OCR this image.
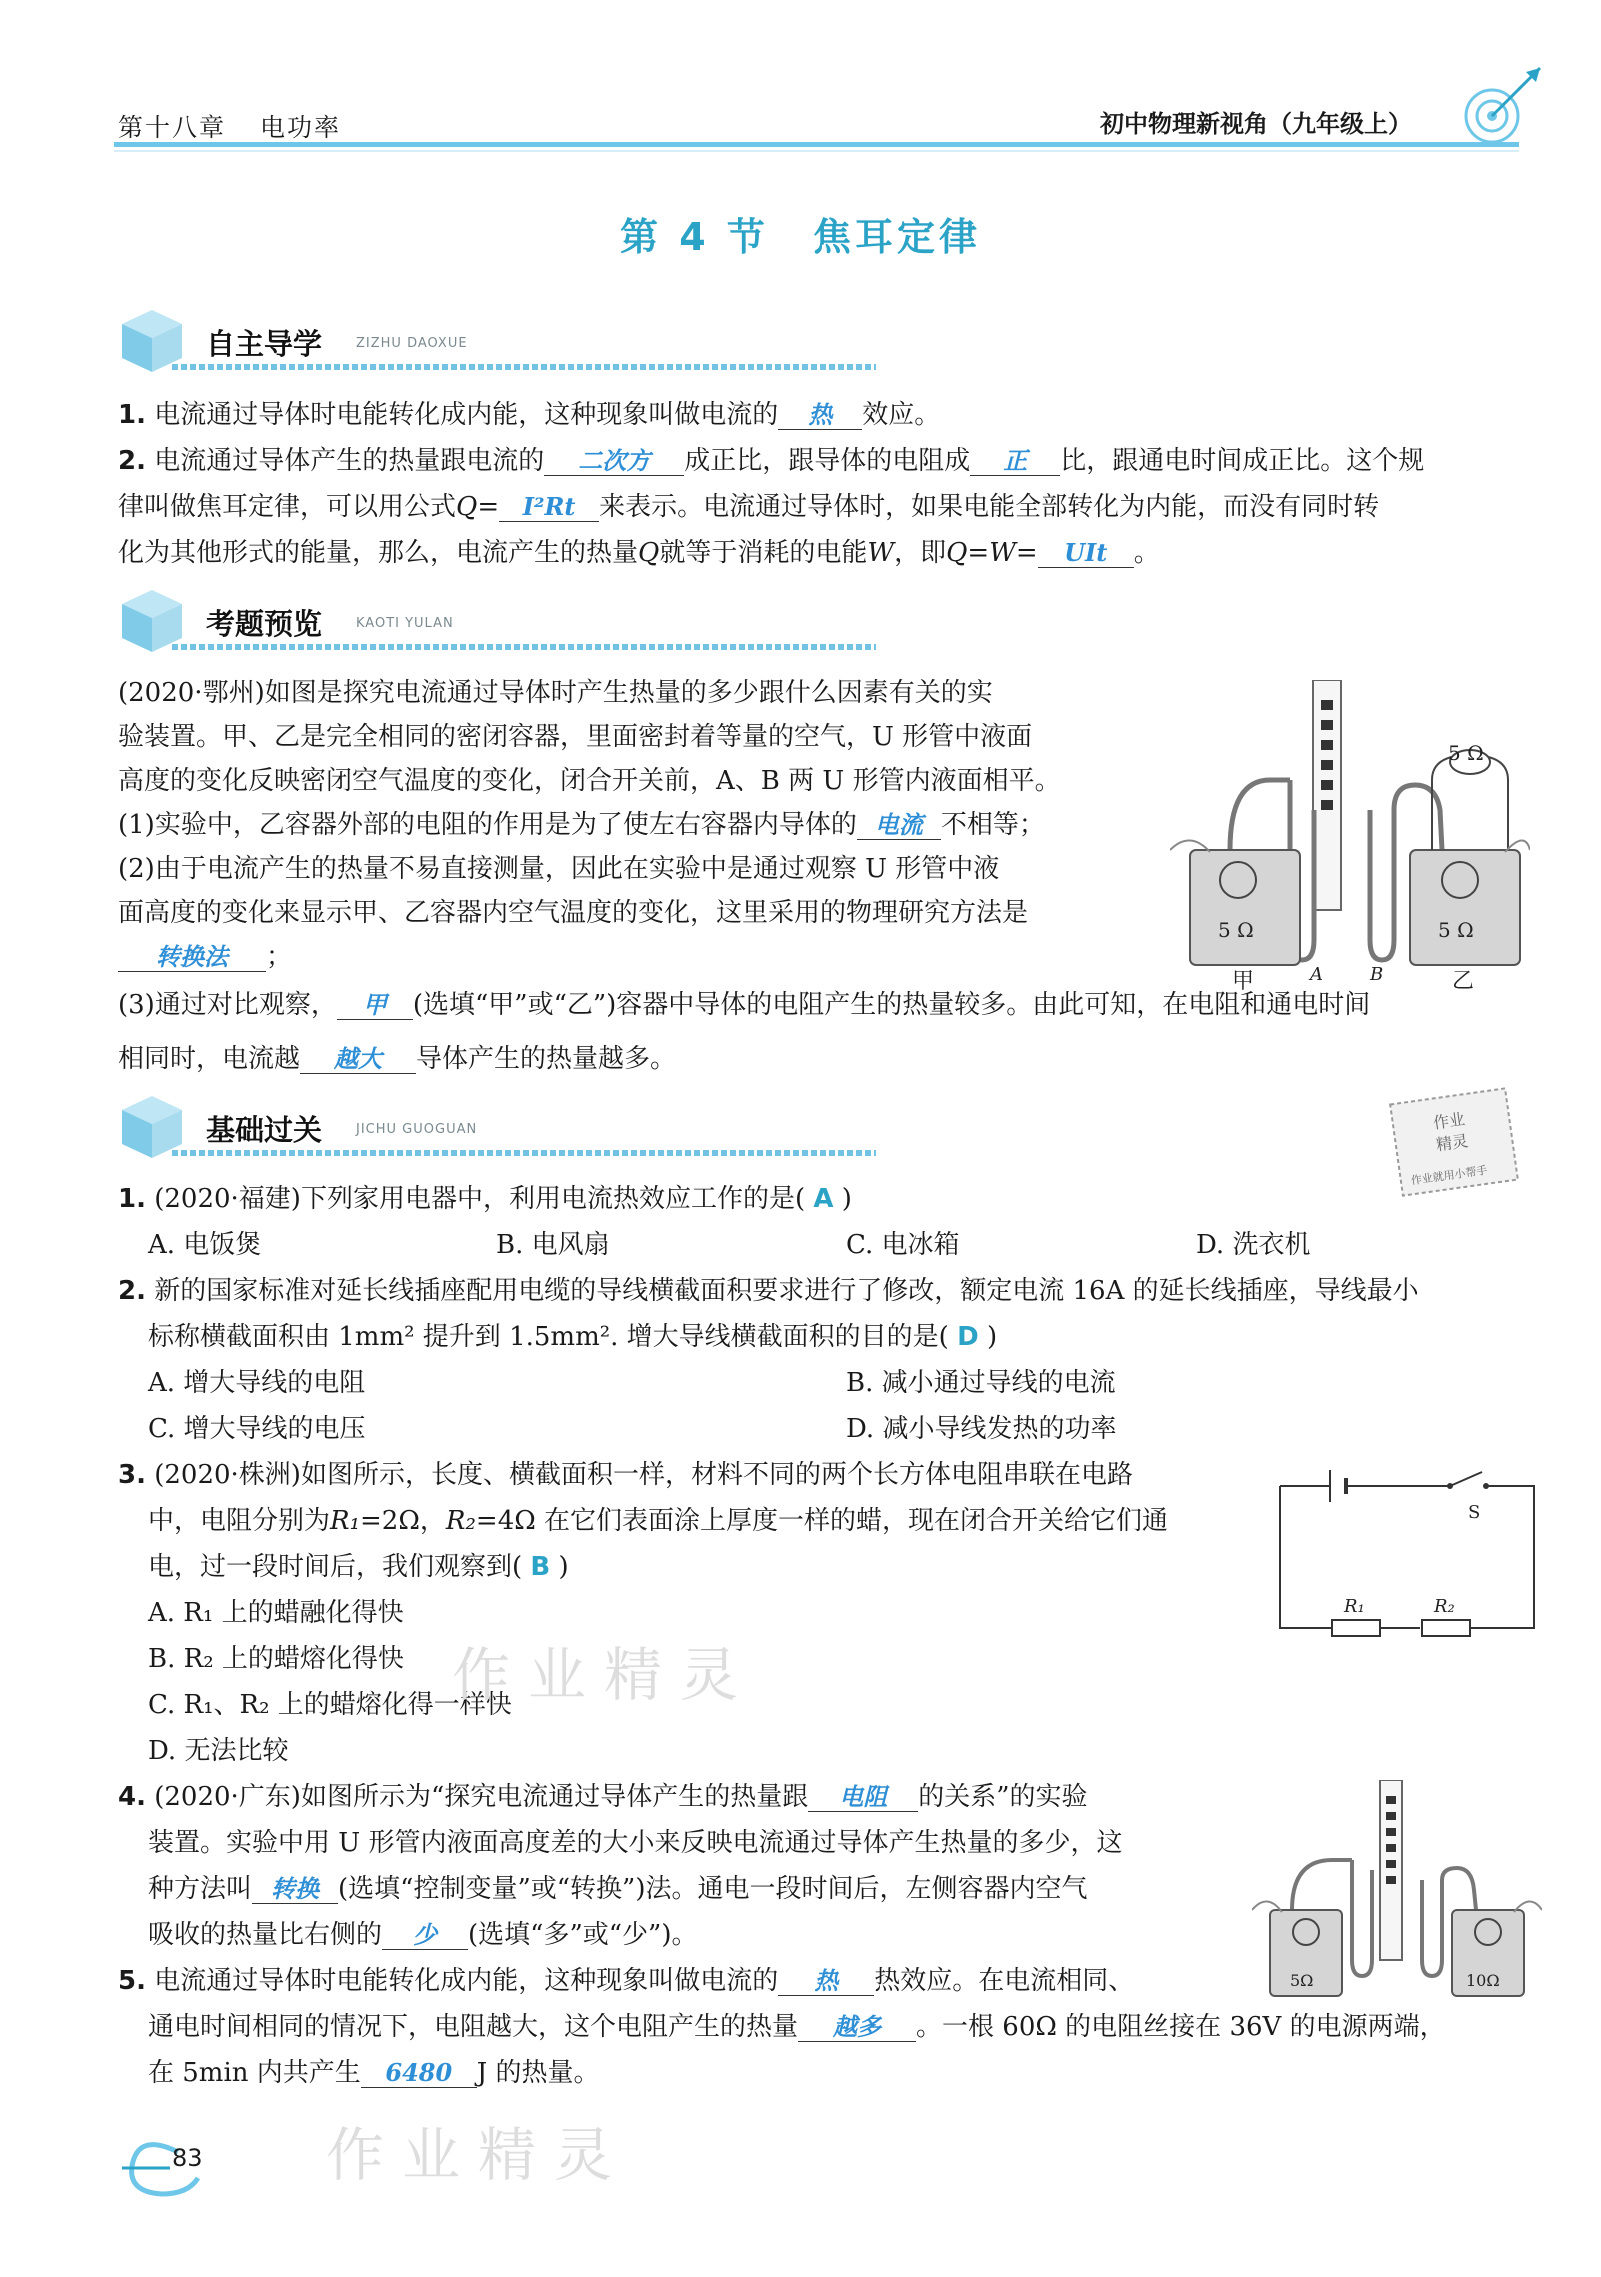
第十八章 电功率	初中物理新视角（九年级上）
第 4 节 焦耳定律
自主导学	ZIZHU DAOXUE
1. 电流通过导体时电能转化成内能，这种现象叫做电流的 热 效应。
2. 电流通过导体产生的热量跟电流的 二次方 成正比，跟导体的电阻成 正 比，跟通电时间成正比。这个规
律叫做焦耳定律，可以用公式Q= I²Rt 来表示。电流通过导体时，如果电能全部转化为内能，而没有同时转
化为其他形式的能量，那么，电流产生的热量Q就等于消耗的电能W，即Q=W= UIt 。
考题预览	KAOTI YULAN
(2020·鄂州)如图是探究电流通过导体时产生热量的多少跟什么因素有关的实
验装置。甲、乙是完全相同的密闭容器，里面密封着等量的空气，U 形管中液面
高度的变化反映密闭空气温度的变化，闭合开关前，A、B 两 U 形管内液面相平。
(1)实验中，乙容器外部的电阻的作用是为了使左右容器内导体的 电流 不相等；
(2)由于电流产生的热量不易直接测量，因此在实验中是通过观察 U 形管中液
面高度的变化来显示甲、乙容器内空气温度的变化，这里采用的物理研究方法是
转换法 ；
(3)通过对比观察， 甲 (选填“甲”或“乙”)容器中导体的电阻产生的热量较多。由此可知，在电阻和通电时间
相同时，电流越 越大 导体产生的热量越多。
5 Ω	5 Ω
5 Ω
甲	A	B	乙
基础过关	JICHU GUOGUAN	作业
精灵
作业就用小帮手
1. (2020·福建)下列家用电器中，利用电流热效应工作的是( A )
A. 电饭煲	B. 电风扇	C. 电冰箱	D. 洗衣机
2. 新的国家标准对延长线插座配用电缆的导线横截面积要求进行了修改，额定电流 16A 的延长线插座，导线最小
标称横截面积由 1mm² 提升到 1.5mm². 增大导线横截面积的目的是( D )
A. 增大导线的电阻	B. 减小通过导线的电流
C. 增大导线的电压	D. 减小导线发热的功率
3. (2020·株洲)如图所示，长度、横截面积一样，材料不同的两个长方体电阻串联在电路
中，电阻分别为R₁=2Ω，R₂=4Ω 在它们表面涂上厚度一样的蜡，现在闭合开关给它们通
电，过一段时间后，我们观察到( B )
A. R₁ 上的蜡融化得快
B. R₂ 上的蜡熔化得快
C. R₁、R₂ 上的蜡熔化得一样快
D. 无法比较
S
R₁	R₂
4. (2020·广东)如图所示为“探究电流通过导体产生的热量跟 电阻 的关系”的实验
装置。实验中用 U 形管内液面高度差的大小来反映电流通过导体产生热量的多少，这
种方法叫 转换 (选填“控制变量”或“转换”)法。通电一段时间后，左侧容器内空气
吸收的热量比右侧的 少 (选填“多”或“少”)。
5Ω	10Ω
5. 电流通过导体时电能转化成内能，这种现象叫做电流的 热 热效应。在电流相同、
通电时间相同的情况下，电阻越大，这个电阻产生的热量 越多 。一根 60Ω 的电阻丝接在 36V 的电源两端，
在 5min 内共产生 6480 J 的热量。
作业精灵
作业精灵
83
